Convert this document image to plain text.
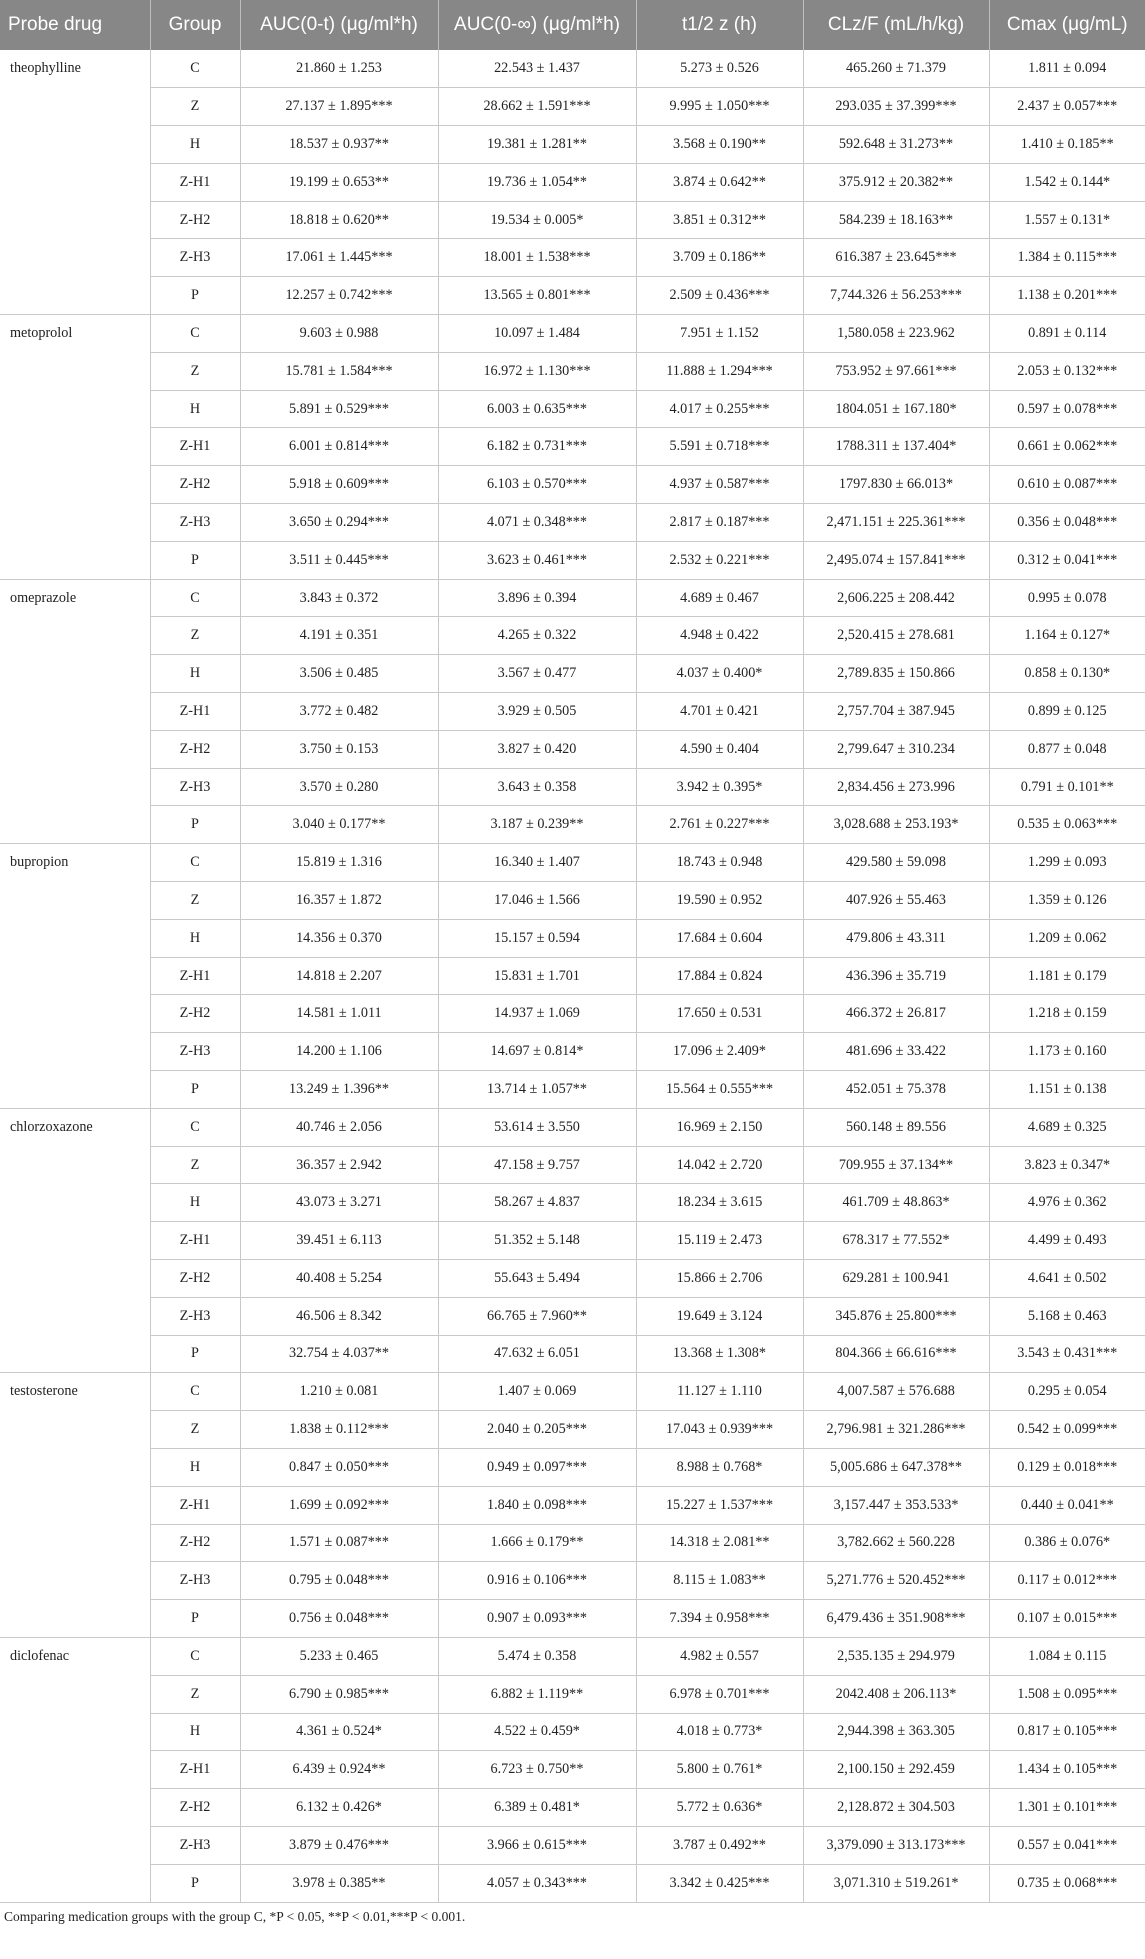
Probe drug	Group	AUC(0-t) (μg/ml*h)	AUC(0-∞) (μg/ml*h)	t1/2 z (h)	CLz/F (mL/h/kg)	Cmax (μg/mL)
theophylline	C	21.860 ± 1.253	22.543 ± 1.437	5.273 ± 0.526	465.260 ± 71.379	1.811 ± 0.094
	Z	27.137 ± 1.895***	28.662 ± 1.591***	9.995 ± 1.050***	293.035 ± 37.399***	2.437 ± 0.057***
	H	18.537 ± 0.937**	19.381 ± 1.281**	3.568 ± 0.190**	592.648 ± 31.273**	1.410 ± 0.185**
	Z-H1	19.199 ± 0.653**	19.736 ± 1.054**	3.874 ± 0.642**	375.912 ± 20.382**	1.542 ± 0.144*
	Z-H2	18.818 ± 0.620**	19.534 ± 0.005*	3.851 ± 0.312**	584.239 ± 18.163**	1.557 ± 0.131*
	Z-H3	17.061 ± 1.445***	18.001 ± 1.538***	3.709 ± 0.186**	616.387 ± 23.645***	1.384 ± 0.115***
	P	12.257 ± 0.742***	13.565 ± 0.801***	2.509 ± 0.436***	7,744.326 ± 56.253***	1.138 ± 0.201***
metoprolol	C	9.603 ± 0.988	10.097 ± 1.484	7.951 ± 1.152	1,580.058 ± 223.962	0.891 ± 0.114
	Z	15.781 ± 1.584***	16.972 ± 1.130***	11.888 ± 1.294***	753.952 ± 97.661***	2.053 ± 0.132***
	H	5.891 ± 0.529***	6.003 ± 0.635***	4.017 ± 0.255***	1804.051 ± 167.180*	0.597 ± 0.078***
	Z-H1	6.001 ± 0.814***	6.182 ± 0.731***	5.591 ± 0.718***	1788.311 ± 137.404*	0.661 ± 0.062***
	Z-H2	5.918 ± 0.609***	6.103 ± 0.570***	4.937 ± 0.587***	1797.830 ± 66.013*	0.610 ± 0.087***
	Z-H3	3.650 ± 0.294***	4.071 ± 0.348***	2.817 ± 0.187***	2,471.151 ± 225.361***	0.356 ± 0.048***
	P	3.511 ± 0.445***	3.623 ± 0.461***	2.532 ± 0.221***	2,495.074 ± 157.841***	0.312 ± 0.041***
omeprazole	C	3.843 ± 0.372	3.896 ± 0.394	4.689 ± 0.467	2,606.225 ± 208.442	0.995 ± 0.078
	Z	4.191 ± 0.351	4.265 ± 0.322	4.948 ± 0.422	2,520.415 ± 278.681	1.164 ± 0.127*
	H	3.506 ± 0.485	3.567 ± 0.477	4.037 ± 0.400*	2,789.835 ± 150.866	0.858 ± 0.130*
	Z-H1	3.772 ± 0.482	3.929 ± 0.505	4.701 ± 0.421	2,757.704 ± 387.945	0.899 ± 0.125
	Z-H2	3.750 ± 0.153	3.827 ± 0.420	4.590 ± 0.404	2,799.647 ± 310.234	0.877 ± 0.048
	Z-H3	3.570 ± 0.280	3.643 ± 0.358	3.942 ± 0.395*	2,834.456 ± 273.996	0.791 ± 0.101**
	P	3.040 ± 0.177**	3.187 ± 0.239**	2.761 ± 0.227***	3,028.688 ± 253.193*	0.535 ± 0.063***
bupropion	C	15.819 ± 1.316	16.340 ± 1.407	18.743 ± 0.948	429.580 ± 59.098	1.299 ± 0.093
	Z	16.357 ± 1.872	17.046 ± 1.566	19.590 ± 0.952	407.926 ± 55.463	1.359 ± 0.126
	H	14.356 ± 0.370	15.157 ± 0.594	17.684 ± 0.604	479.806 ± 43.311	1.209 ± 0.062
	Z-H1	14.818 ± 2.207	15.831 ± 1.701	17.884 ± 0.824	436.396 ± 35.719	1.181 ± 0.179
	Z-H2	14.581 ± 1.011	14.937 ± 1.069	17.650 ± 0.531	466.372 ± 26.817	1.218 ± 0.159
	Z-H3	14.200 ± 1.106	14.697 ± 0.814*	17.096 ± 2.409*	481.696 ± 33.422	1.173 ± 0.160
	P	13.249 ± 1.396**	13.714 ± 1.057**	15.564 ± 0.555***	452.051 ± 75.378	1.151 ± 0.138
chlorzoxazone	C	40.746 ± 2.056	53.614 ± 3.550	16.969 ± 2.150	560.148 ± 89.556	4.689 ± 0.325
	Z	36.357 ± 2.942	47.158 ± 9.757	14.042 ± 2.720	709.955 ± 37.134**	3.823 ± 0.347*
	H	43.073 ± 3.271	58.267 ± 4.837	18.234 ± 3.615	461.709 ± 48.863*	4.976 ± 0.362
	Z-H1	39.451 ± 6.113	51.352 ± 5.148	15.119 ± 2.473	678.317 ± 77.552*	4.499 ± 0.493
	Z-H2	40.408 ± 5.254	55.643 ± 5.494	15.866 ± 2.706	629.281 ± 100.941	4.641 ± 0.502
	Z-H3	46.506 ± 8.342	66.765 ± 7.960**	19.649 ± 3.124	345.876 ± 25.800***	5.168 ± 0.463
	P	32.754 ± 4.037**	47.632 ± 6.051	13.368 ± 1.308*	804.366 ± 66.616***	3.543 ± 0.431***
testosterone	C	1.210 ± 0.081	1.407 ± 0.069	11.127 ± 1.110	4,007.587 ± 576.688	0.295 ± 0.054
	Z	1.838 ± 0.112***	2.040 ± 0.205***	17.043 ± 0.939***	2,796.981 ± 321.286***	0.542 ± 0.099***
	H	0.847 ± 0.050***	0.949 ± 0.097***	8.988 ± 0.768*	5,005.686 ± 647.378**	0.129 ± 0.018***
	Z-H1	1.699 ± 0.092***	1.840 ± 0.098***	15.227 ± 1.537***	3,157.447 ± 353.533*	0.440 ± 0.041**
	Z-H2	1.571 ± 0.087***	1.666 ± 0.179**	14.318 ± 2.081**	3,782.662 ± 560.228	0.386 ± 0.076*
	Z-H3	0.795 ± 0.048***	0.916 ± 0.106***	8.115 ± 1.083**	5,271.776 ± 520.452***	0.117 ± 0.012***
	P	0.756 ± 0.048***	0.907 ± 0.093***	7.394 ± 0.958***	6,479.436 ± 351.908***	0.107 ± 0.015***
diclofenac	C	5.233 ± 0.465	5.474 ± 0.358	4.982 ± 0.557	2,535.135 ± 294.979	1.084 ± 0.115
	Z	6.790 ± 0.985***	6.882 ± 1.119**	6.978 ± 0.701***	2042.408 ± 206.113*	1.508 ± 0.095***
	H	4.361 ± 0.524*	4.522 ± 0.459*	4.018 ± 0.773*	2,944.398 ± 363.305	0.817 ± 0.105***
	Z-H1	6.439 ± 0.924**	6.723 ± 0.750**	5.800 ± 0.761*	2,100.150 ± 292.459	1.434 ± 0.105***
	Z-H2	6.132 ± 0.426*	6.389 ± 0.481*	5.772 ± 0.636*	2,128.872 ± 304.503	1.301 ± 0.101***
	Z-H3	3.879 ± 0.476***	3.966 ± 0.615***	3.787 ± 0.492**	3,379.090 ± 313.173***	0.557 ± 0.041***
	P	3.978 ± 0.385**	4.057 ± 0.343***	3.342 ± 0.425***	3,071.310 ± 519.261*	0.735 ± 0.068***
Comparing medication groups with the group C, *P < 0.05, **P < 0.01,***P < 0.001.
